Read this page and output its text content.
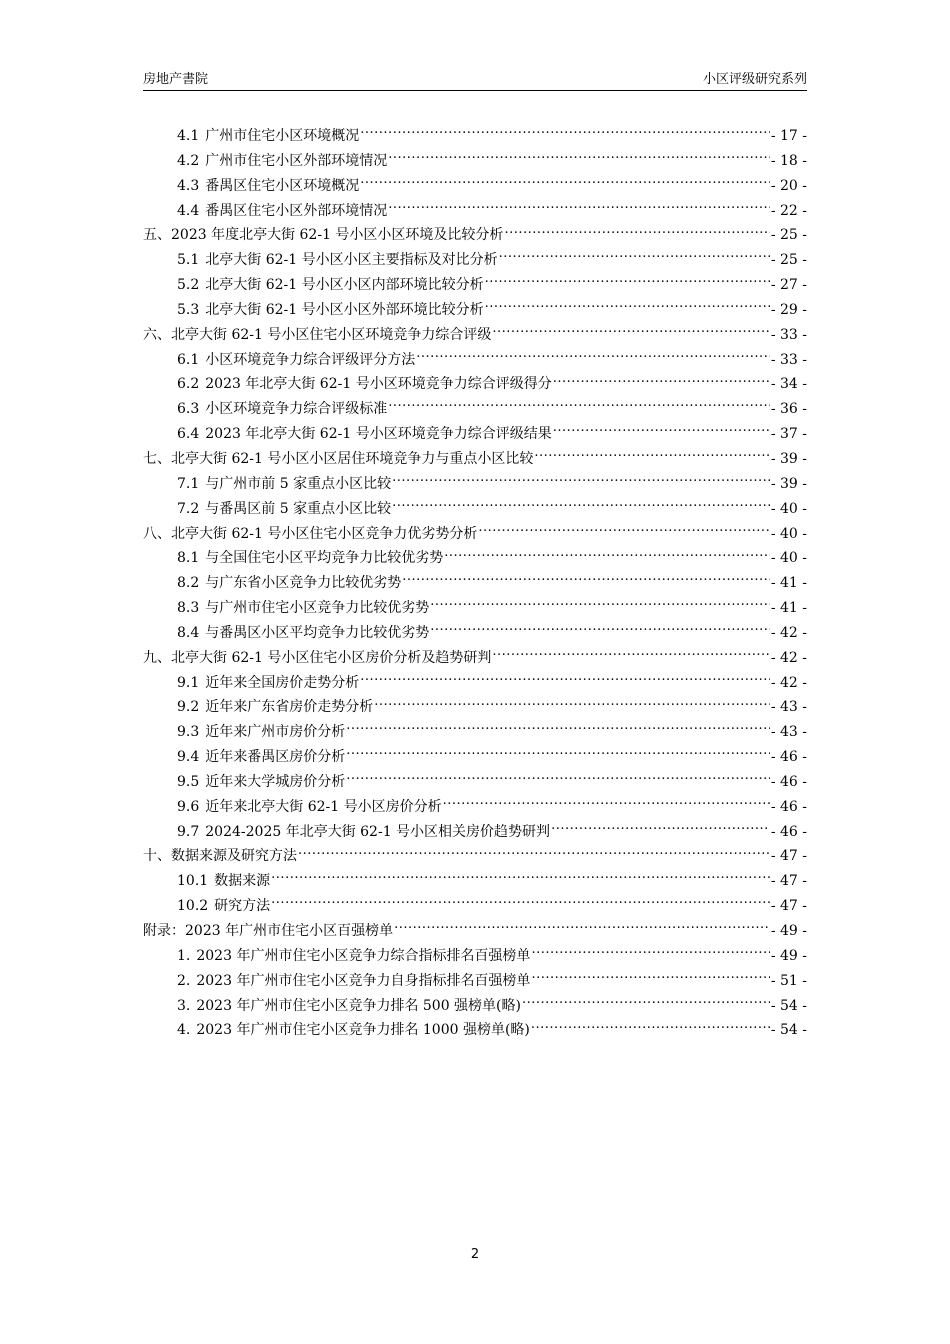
房地产書院	小区评级研究系列
4.1 广州市住宅小区环境概况 .....	- 17 -
4.2 广州市住宅小区外部环境情况 .....	- 18 -
4.3 番禺区住宅小区环境概况 .....	- 20 -
4.4 番禺区住宅小区外部环境情况 .....	- 22 -
五、 2023 年度北亭大街 62-1 号小区小区环境及比较分析 .....	- 25 -
5.1 北亭大街 62-1 号小区小区主要指标及对比分析 .....	- 25 -
5.2 北亭大街 62-1 号小区小区内部环境比较分析 .....	- 27 -
5.3 北亭大街 62-1 号小区小区外部环境比较分析 .....	- 29 -
六、 北亭大街 62-1 号小区住宅小区环境竞争力综合评级 .....	- 33 -
6.1 小区环境竞争力综合评级评分方法 .....	- 33 -
6.2 2023 年北亭大街 62-1 号小区环境竞争力综合评级得分 .....	- 34 -
6.3 小区环境竞争力综合评级标准 .....	- 36 -
6.4 2023 年北亭大街 62-1 号小区环境竞争力综合评级结果 .....	- 37 -
七、 北亭大街 62-1 号小区小区居住环境竞争力与重点小区比较 .....	- 39 -
7.1 与广州市前 5 家重点小区比较 .....	- 39 -
7.2 与番禺区前 5 家重点小区比较 .....	- 40 -
八、 北亭大街 62-1 号小区住宅小区竞争力优劣势分析 .....	- 40 -
8.1 与全国住宅小区平均竞争力比较优劣势 .....	- 40 -
8.2 与广东省小区竞争力比较优劣势 .....	- 41 -
8.3 与广州市住宅小区竞争力比较优劣势 .....	- 41 -
8.4 与番禺区小区平均竞争力比较优劣势 .....	- 42 -
九、 北亭大街 62-1 号小区住宅小区房价分析及趋势研判 .....	- 42 -
9.1 近年来全国房价走势分析 .....	- 42 -
9.2 近年来广东省房价走势分析 .....	- 43 -
9.3 近年来广州市房价分析 .....	- 43 -
9.4 近年来番禺区房价分析 .....	- 46 -
9.5 近年来大学城房价分析 .....	- 46 -
9.6 近年来北亭大街 62-1 号小区房价分析 .....	- 46 -
9.7 2024-2025 年北亭大街 62-1 号小区相关房价趋势研判 .....	- 46 -
十、 数据来源及研究方法 .....	- 47 -
10.1 数据来源 .....	- 47 -
10.2 研究方法 .....	- 47 -
附录： 2023 年广州市住宅小区百强榜单 .....	- 49 -
1. 2023 年广州市住宅小区竞争力综合指标排名百强榜单 .....	- 49 -
2. 2023 年广州市住宅小区竞争力自身指标排名百强榜单 .....	- 51 -
3. 2023 年广州市住宅小区竞争力排名 500 强榜单(略) .....	- 54 -
4. 2023 年广州市住宅小区竞争力排名 1000 强榜单(略) .....	- 54 -
2
